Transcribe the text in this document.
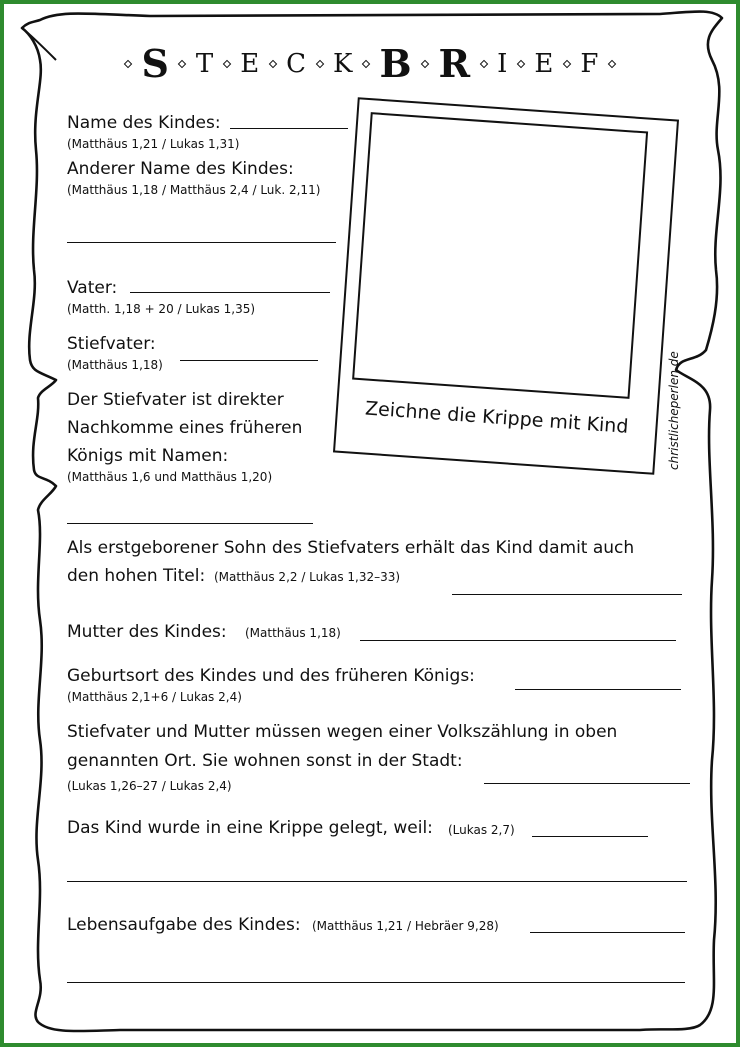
S T E C K B R I E F
Zeichne die Krippe mit Kind	christlicheperlen.de
Name des Kindes:
(Matthäus 1,21 / Lukas 1,31)
Anderer Name des Kindes:
(Matthäus 1,18 / Matthäus 2,4 / Luk. 2,11)
Vater:
(Matth. 1,18 + 20 / Lukas 1,35)
Stiefvater:
(Matthäus 1,18)
Der Stiefvater ist direkter
Nachkomme eines früheren
Königs mit Namen:
(Matthäus 1,6 und Matthäus 1,20)
Als erstgeborener Sohn des Stiefvaters erhält das Kind damit auch
den hohen Titel: (Matthäus 2,2 / Lukas 1,32–33)
Mutter des Kindes: (Matthäus 1,18)
Geburtsort des Kindes und des früheren Königs:
(Matthäus 2,1+6 / Lukas 2,4)
Stiefvater und Mutter müssen wegen einer Volkszählung in oben
genannten Ort. Sie wohnen sonst in der Stadt:
(Lukas 1,26–27 / Lukas 2,4)
Das Kind wurde in eine Krippe gelegt, weil: (Lukas 2,7)
Lebensaufgabe des Kindes: (Matthäus 1,21 / Hebräer 9,28)
